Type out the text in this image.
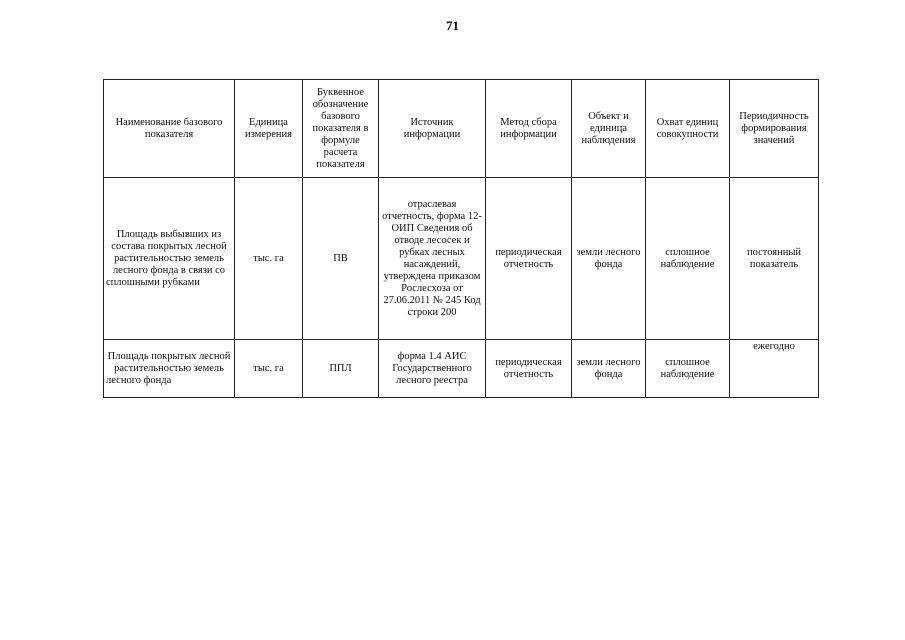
71
Наименование базового показателя	Единица измерения	Буквенное обозначение базового показателя в формуле расчета показателя	Источник информации	Метод сбора информации	Объект и единица наблюдения	Охват единиц совокупности	Периодичность формирования значений
Площадь выбывших из состава покрытых лесной растительностью земель лесного фонда в связи со сплошными рубками	тыс. га	ПВ	отраслевая отчетность, форма 12-ОИП Сведения об отводе лесосек и рубках лесных насаждений, утверждена приказом Рослесхоза от 27.06.2011 № 245 Код строки 200	периодическая отчетность	земли лесного фонда	сплошное наблюдение	постоянный показатель
Площадь покрытых лесной растительностью земель лесного фонда	тыс. га	ППЛ	форма 1.4 АИС Государственного лесного реестра	периодическая отчетность	земли лесного фонда	сплошное наблюдение	ежегодно
